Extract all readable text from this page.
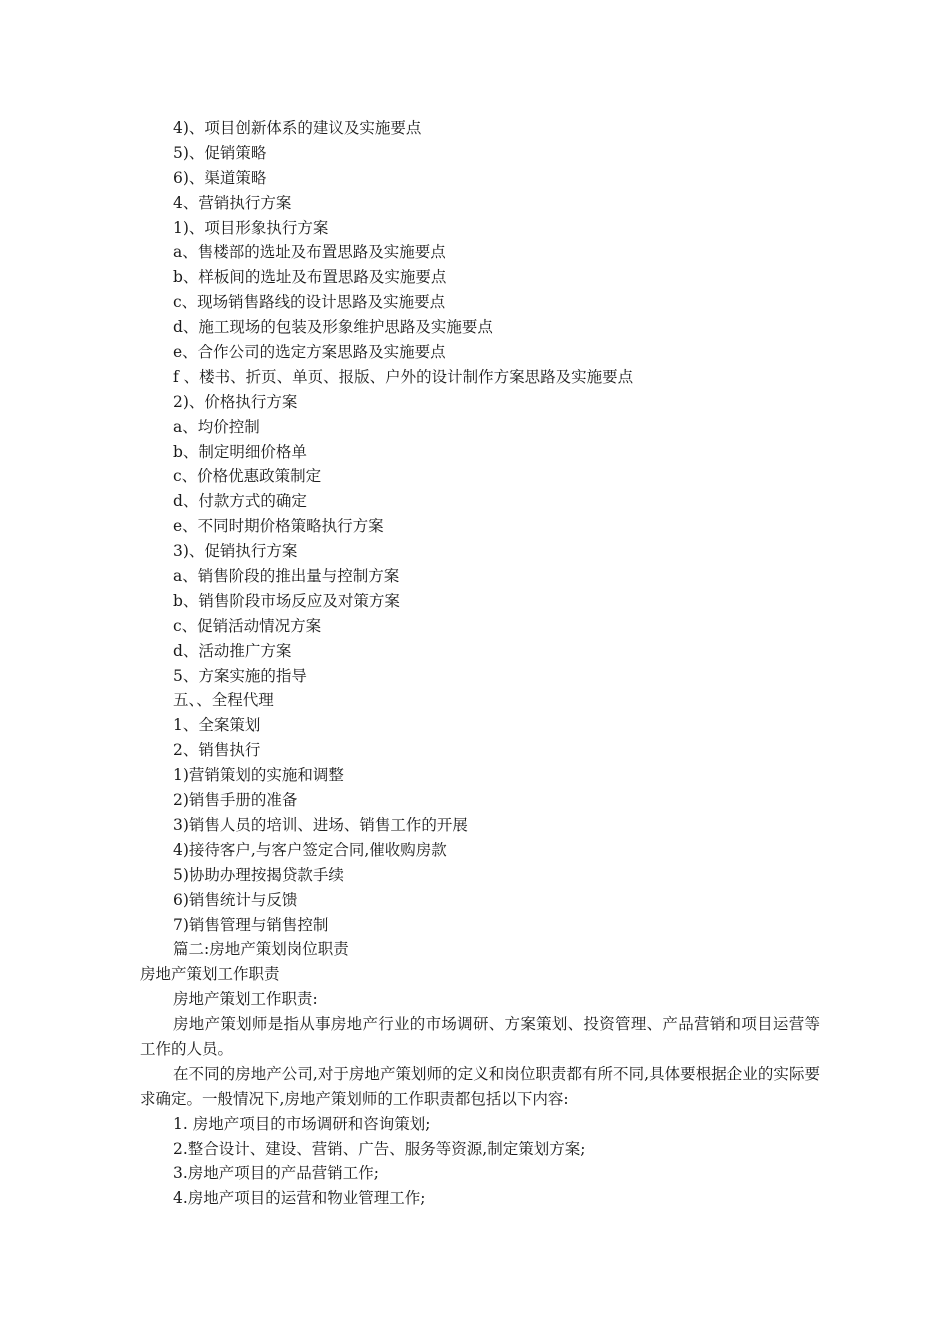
4)、项目创新体系的建议及实施要点

5)、促销策略

6)、渠道策略

4、营销执行方案

1)、项目形象执行方案

a、售楼部的选址及布置思路及实施要点

b、样板间的选址及布置思路及实施要点

c、现场销售路线的设计思路及实施要点

d、施工现场的包装及形象维护思路及实施要点

e、合作公司的选定方案思路及实施要点

f 、楼书、折页、单页、报版、户外的设计制作方案思路及实施要点

2)、价格执行方案

a、均价控制

b、制定明细价格单

c、价格优惠政策制定

d、付款方式的确定

e、不同时期价格策略执行方案

3)、促销执行方案

a、销售阶段的推出量与控制方案

b、销售阶段市场反应及对策方案

c、促销活动情况方案

d、活动推广方案

5、方案实施的指导

五、、全程代理

1、全案策划

2、销售执行

1)营销策划的实施和调整

2)销售手册的准备

3)销售人员的培训、进场、销售工作的开展

4)接待客户,与客户签定合同,催收购房款

5)协助办理按揭贷款手续

6)销售统计与反馈

7)销售管理与销售控制

篇二:房地产策划岗位职责

房地产策划工作职责

房地产策划工作职责:

房地产策划师是指从事房地产行业的市场调研、方案策划、投资管理、产品营销和项目运营等工作的人员。

在不同的房地产公司,对于房地产策划师的定义和岗位职责都有所不同,具体要根据企业的实际要求确定。一般情况下,房地产策划师的工作职责都包括以下内容:

1. 房地产项目的市场调研和咨询策划;

2.整合设计、建设、营销、广告、服务等资源,制定策划方案;

3.房地产项目的产品营销工作;

4.房地产项目的运营和物业管理工作;
